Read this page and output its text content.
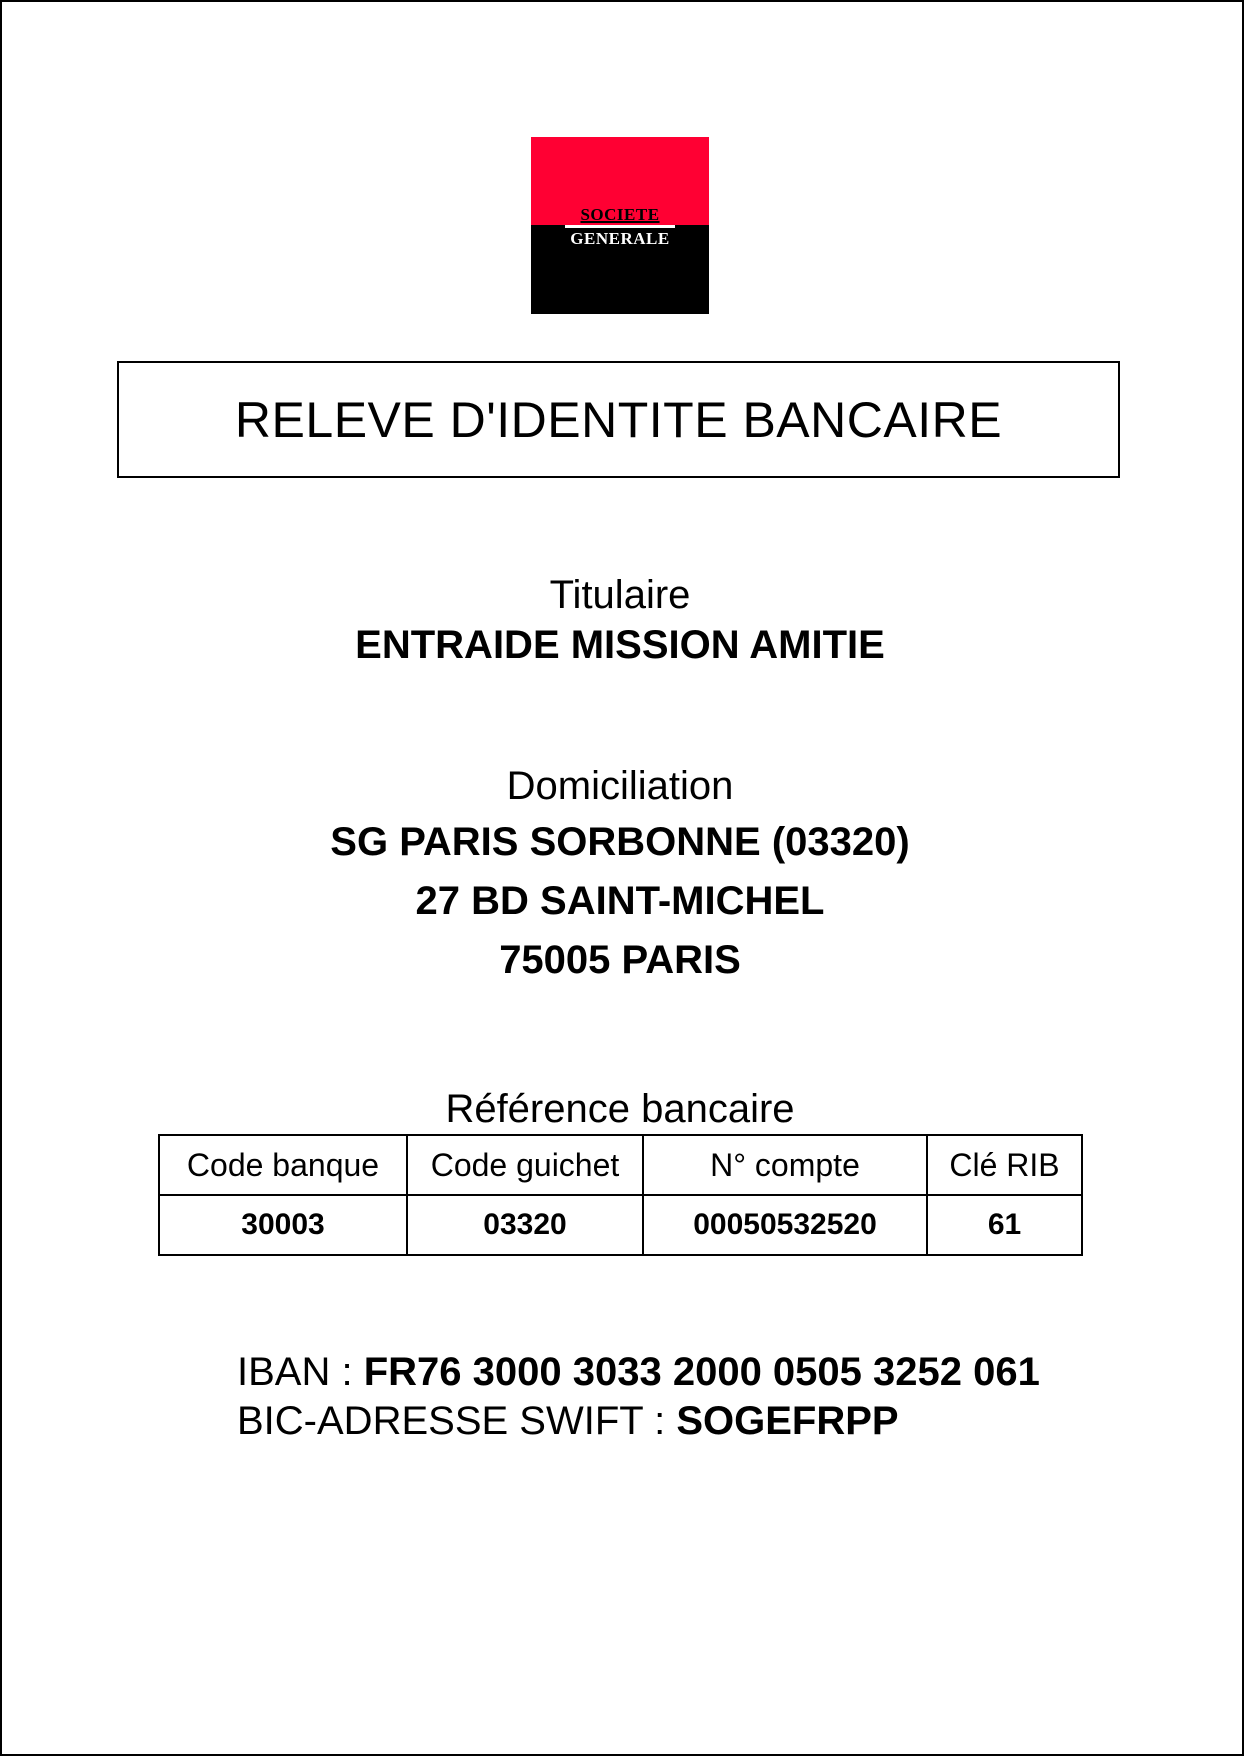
SOCIETE
GENERALE
RELEVE D'IDENTITE BANCAIRE
Titulaire
ENTRAIDE MISSION AMITIE
Domiciliation
SG PARIS SORBONNE (03320)
27 BD SAINT-MICHEL
75005 PARIS
Référence bancaire
Code banque	Code guichet	N° compte	Clé RIB
30003	03320	00050532520	61
IBAN : FR76 3000 3033 2000 0505 3252 061
BIC-ADRESSE SWIFT : SOGEFRPP
